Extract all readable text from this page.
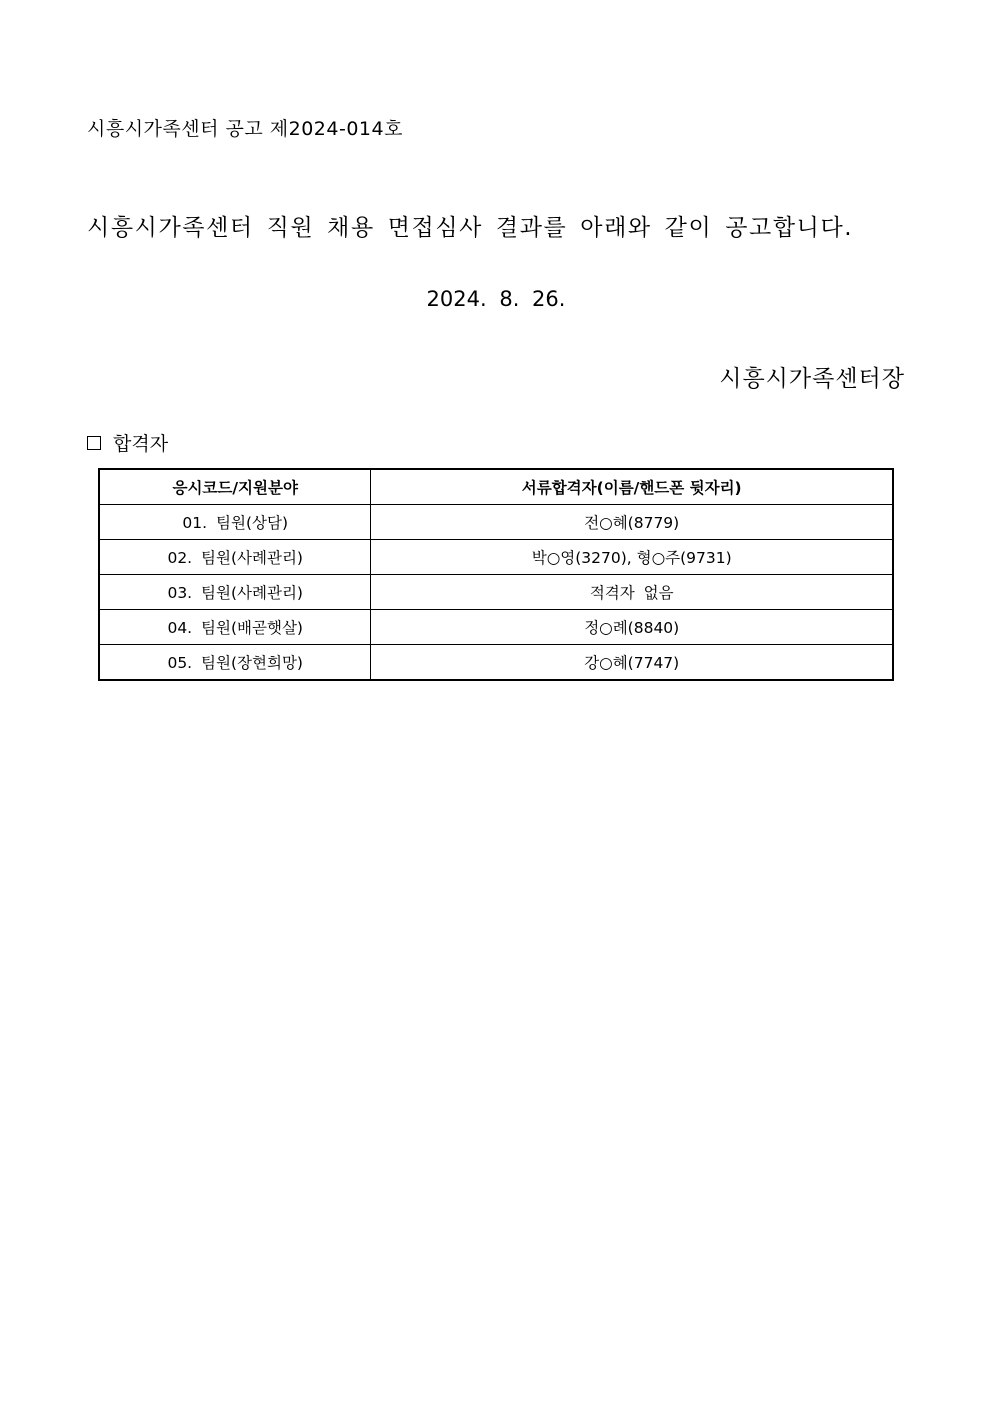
시흥시가족센터 공고 제2024-014호
시흥시가족센터 직원 채용 면접심사 결과를 아래와 같이 공고합니다.
2024. 8. 26.
시흥시가족센터장
합격자
응시코드/지원분야	서류합격자(이름/핸드폰 뒷자리)
01. 팀원(상담)	전○혜(8779)
02. 팀원(사례관리)	박○영(3270), 형○주(9731)
03. 팀원(사례관리)	적격자 없음
04. 팀원(배곧햇살)	정○례(8840)
05. 팀원(장현희망)	강○혜(7747)
